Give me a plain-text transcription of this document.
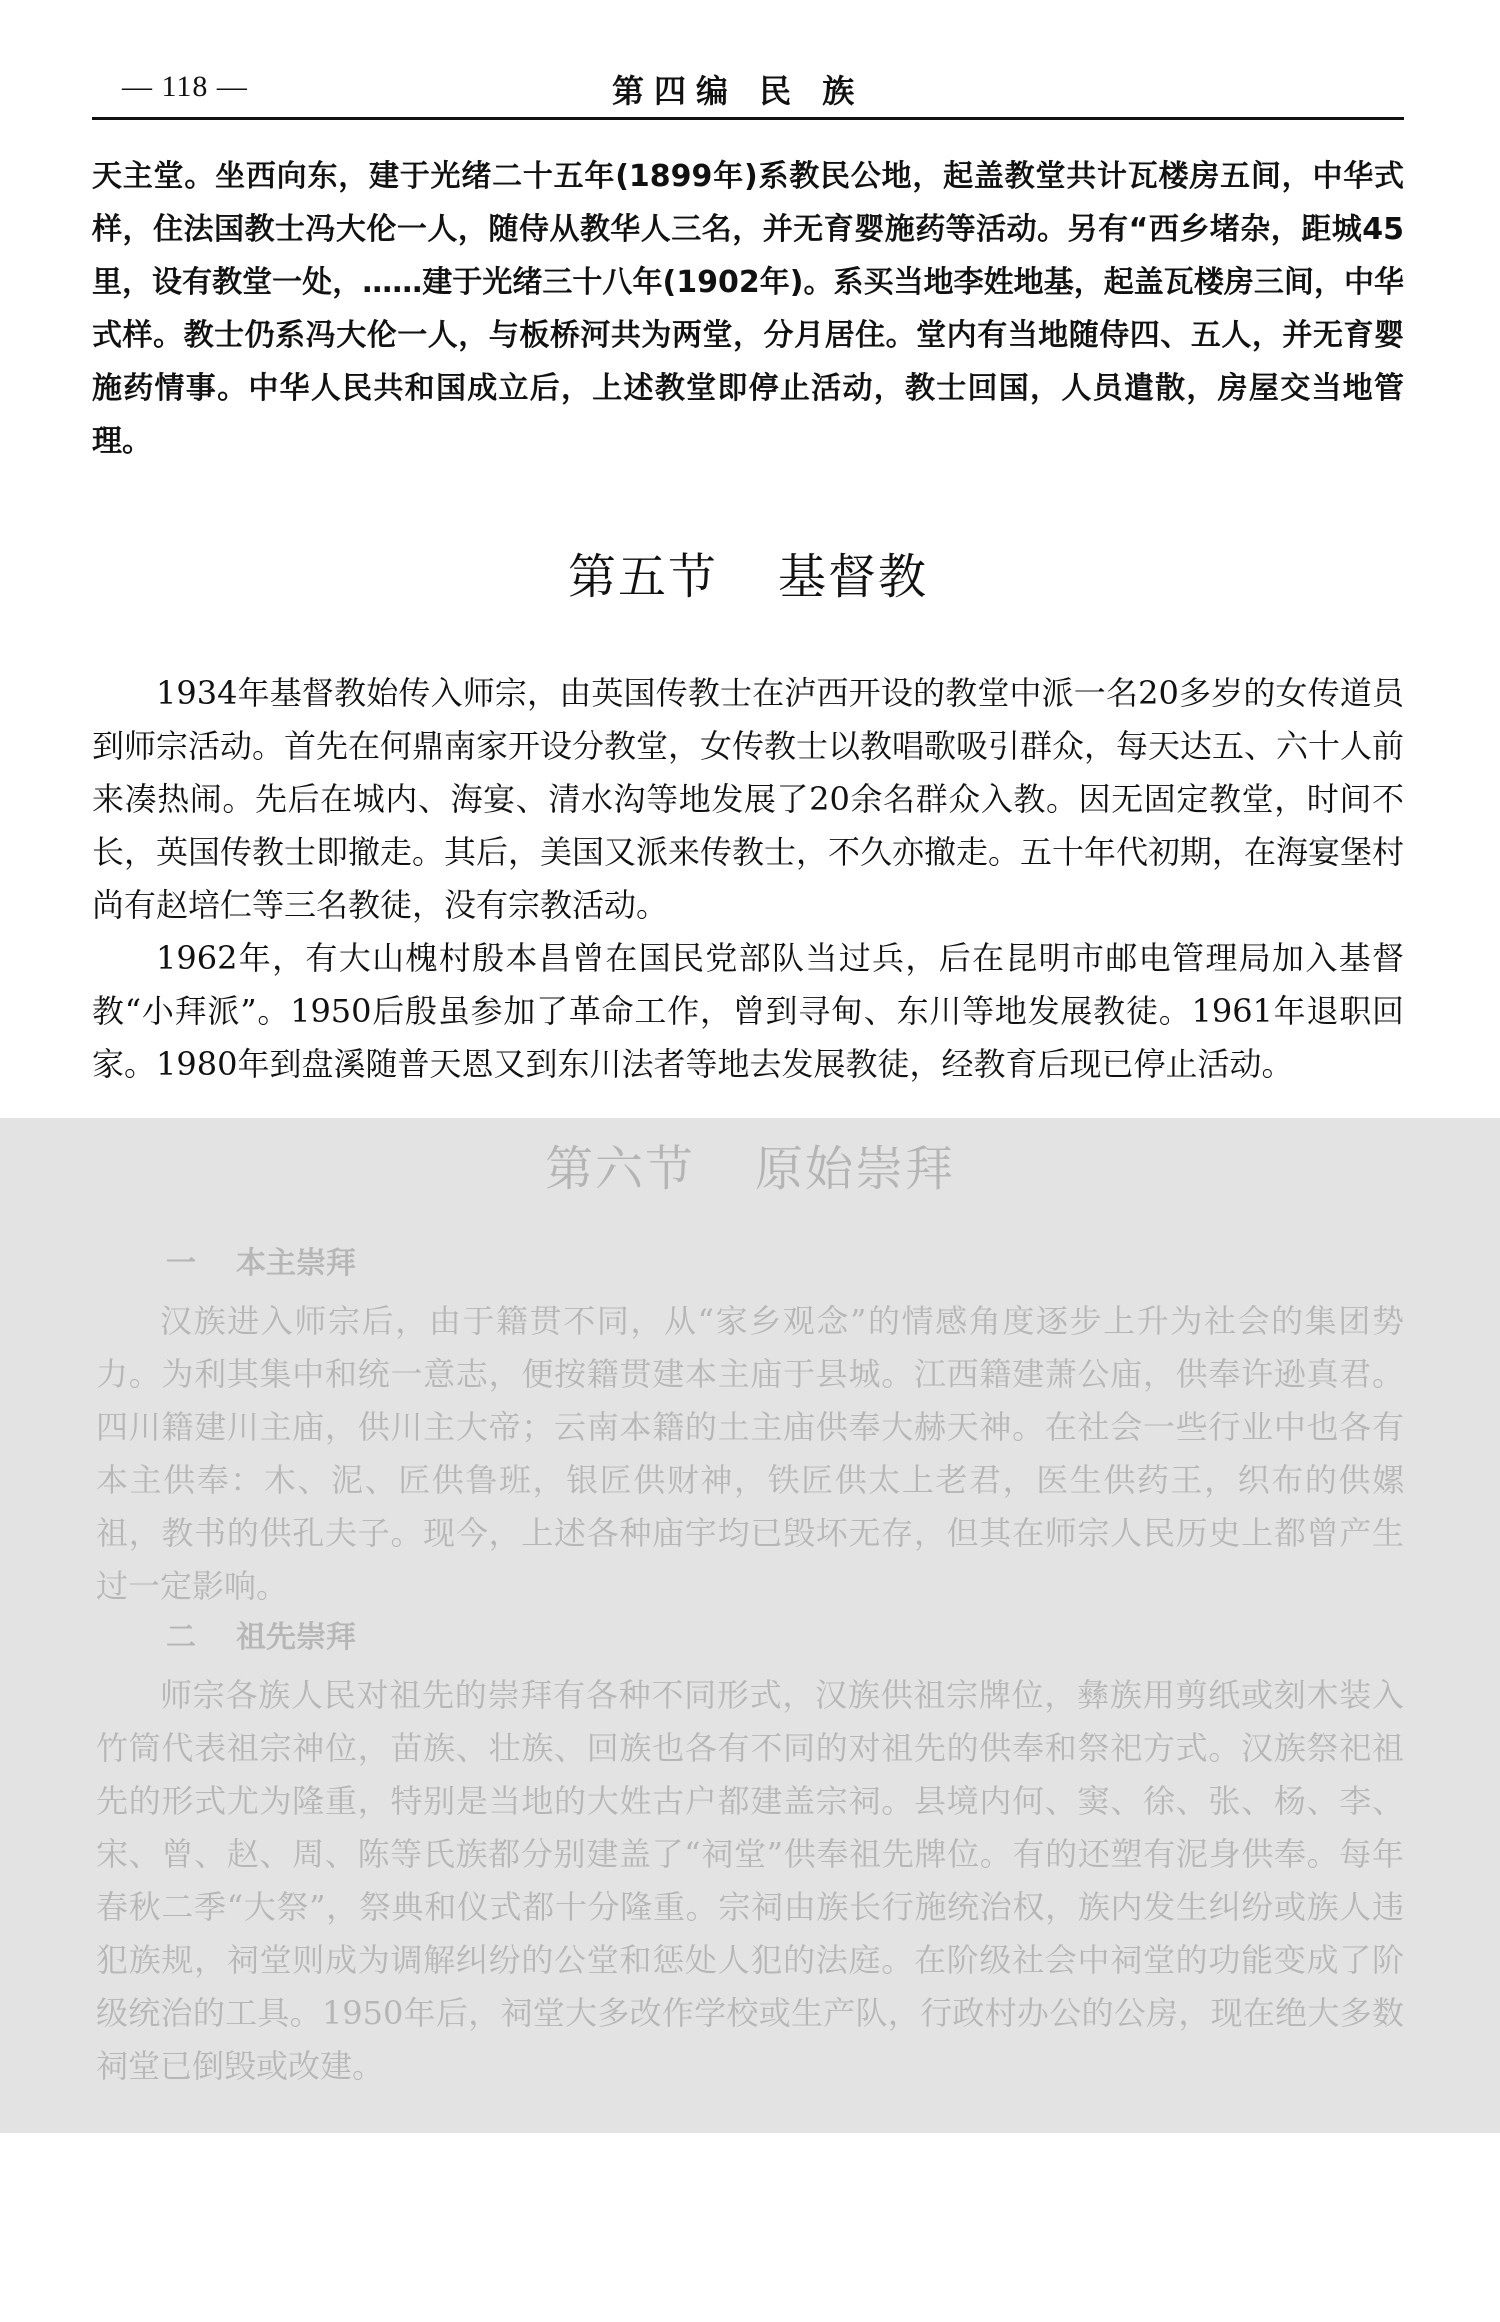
— 118 —	第四编 民 族

天主堂。坐西向东，建于光绪二十五年(1899年)系教民公地，起盖教堂共计瓦楼房五间，中华式样，住法国教士冯大伦一人，随侍从教华人三名，并无育婴施药等活动。另有“西乡堵杂，距城45里，设有教堂一处，……建于光绪三十八年(1902年)。系买当地李姓地基，起盖瓦楼房三间，中华式样。教士仍系冯大伦一人，与板桥河共为两堂，分月居住。堂内有当地随侍四、五人，并无育婴施药情事。中华人民共和国成立后，上述教堂即停止活动，教士回国，人员遣散，房屋交当地管理。

第五节 基督教

1934年基督教始传入师宗，由英国传教士在泸西开设的教堂中派一名20多岁的女传道员到师宗活动。首先在何鼎南家开设分教堂，女传教士以教唱歌吸引群众，每天达五、六十人前来凑热闹。先后在城内、海宴、清水沟等地发展了20余名群众入教。因无固定教堂，时间不长，英国传教士即撤走。其后，美国又派来传教士，不久亦撤走。五十年代初期，在海宴堡村尚有赵培仁等三名教徒，没有宗教活动。

1962年，有大山槐村殷本昌曾在国民党部队当过兵，后在昆明市邮电管理局加入基督教“小拜派”。1950后殷虽参加了革命工作，曾到寻甸、东川等地发展教徒。1961年退职回家。1980年到盘溪随普天恩又到东川法者等地去发展教徒，经教育后现已停止活动。

第六节 原始崇拜
一 本主崇拜

汉族进入师宗后，由于籍贯不同，从“家乡观念”的情感角度逐步上升为社会的集团势力。为利其集中和统一意志，便按籍贯建本主庙于县城。江西籍建萧公庙，供奉许逊真君。四川籍建川主庙，供川主大帝；云南本籍的土主庙供奉大赫天神。在社会一些行业中也各有本主供奉：木、泥、匠供鲁班，银匠供财神，铁匠供太上老君，医生供药王，织布的供嫘祖，教书的供孔夫子。现今，上述各种庙宇均已毁坏无存，但其在师宗人民历史上都曾产生过一定影响。

二 祖先崇拜

师宗各族人民对祖先的崇拜有各种不同形式，汉族供祖宗牌位，彝族用剪纸或刻木装入竹筒代表祖宗神位，苗族、壮族、回族也各有不同的对祖先的供奉和祭祀方式。汉族祭祀祖先的形式尤为隆重，特别是当地的大姓古户都建盖宗祠。县境内何、窦、徐、张、杨、李、宋、曾、赵、周、陈等氏族都分别建盖了“祠堂”供奉祖先牌位。有的还塑有泥身供奉。每年春秋二季“大祭”，祭典和仪式都十分隆重。宗祠由族长行施统治权，族内发生纠纷或族人违犯族规，祠堂则成为调解纠纷的公堂和惩处人犯的法庭。在阶级社会中祠堂的功能变成了阶级统治的工具。1950年后，祠堂大多改作学校或生产队，行政村办公的公房，现在绝大多数祠堂已倒毁或改建。
